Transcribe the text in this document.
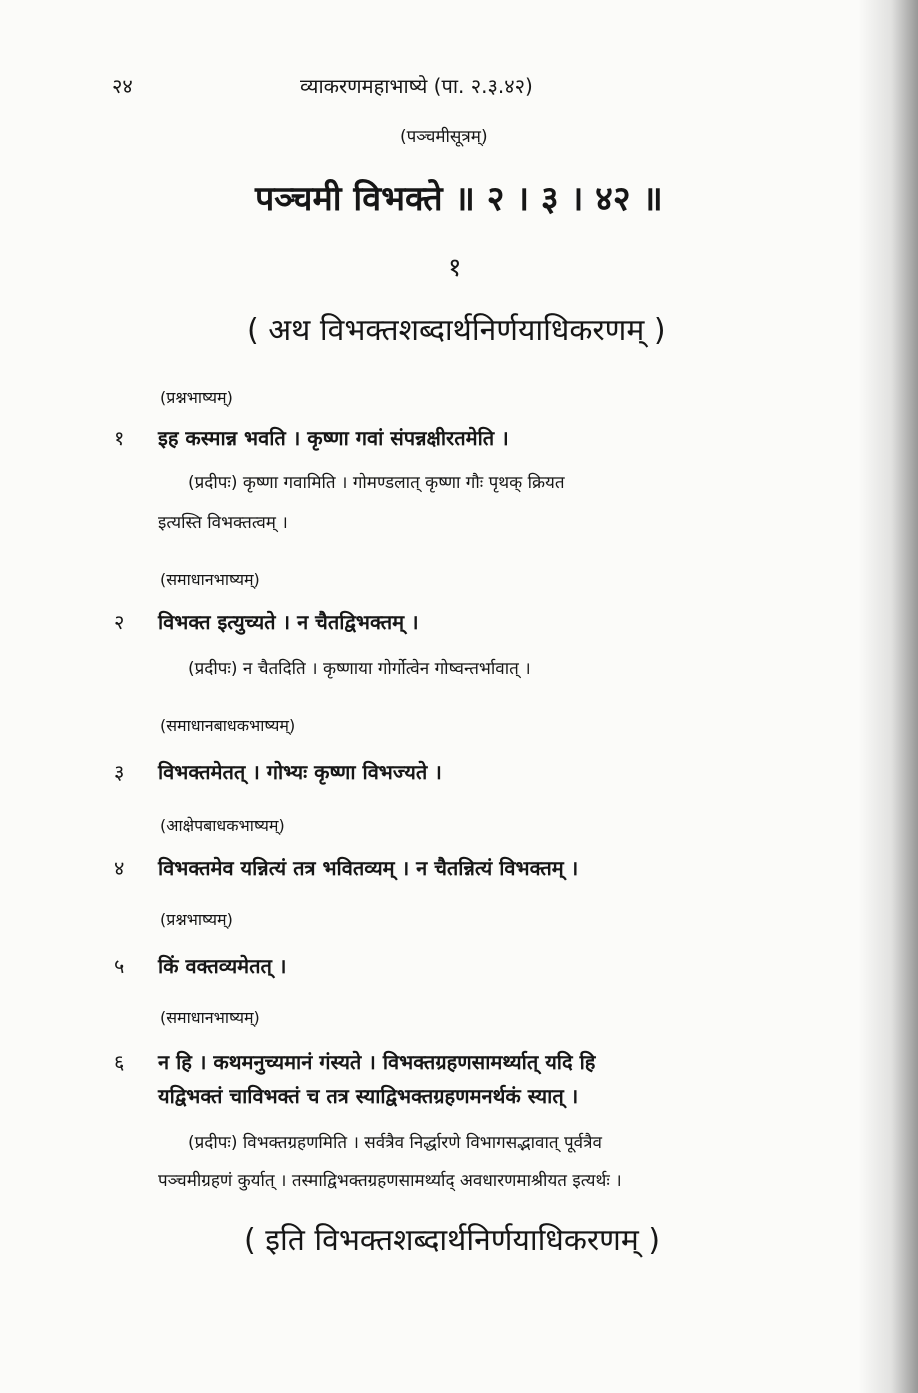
२४	व्याकरणमहाभाष्ये (पा. २.३.४२)
(पञ्चमीसूत्रम्)
पञ्चमी विभक्ते ॥ २ । ३ । ४२ ॥
१
( अथ विभक्तशब्दार्थनिर्णयाधिकरणम् )
(प्रश्नभाष्यम्)
१ इह कस्मान्न भवति । कृष्णा गवां संपन्नक्षीरतमेति ।
(प्रदीपः) कृष्णा गवामिति । गोमण्डलात् कृष्णा गौः पृथक् क्रियत
इत्यस्ति विभक्तत्वम् ।
(समाधानभाष्यम्)
२ विभक्त इत्युच्यते । न चैतद्विभक्तम् ।
(प्रदीपः) न चैतदिति । कृष्णाया गोर्गोत्वेन गोष्वन्तर्भावात् ।
(समाधानबाधकभाष्यम्)
३ विभक्तमेतत् । गोभ्यः कृष्णा विभज्यते ।
(आक्षेपबाधकभाष्यम्)
४ विभक्तमेव यन्नित्यं तत्र भवितव्यम् । न चैतन्नित्यं विभक्तम् ।
(प्रश्नभाष्यम्)
५ किं वक्तव्यमेतत् ।
(समाधानभाष्यम्)
६ न हि । कथमनुच्यमानं गंस्यते । विभक्तग्रहणसामर्थ्यात् यदि हि
यद्विभक्तं चाविभक्तं च तत्र स्याद्विभक्तग्रहणमनर्थकं स्यात् ।
(प्रदीपः) विभक्तग्रहणमिति । सर्वत्रैव निर्द्धारणे विभागसद्भावात् पूर्वत्रैव
पञ्चमीग्रहणं कुर्यात् । तस्माद्विभक्तग्रहणसामर्थ्याद् अवधारणमाश्रीयत इत्यर्थः ।
( इति विभक्तशब्दार्थनिर्णयाधिकरणम् )
